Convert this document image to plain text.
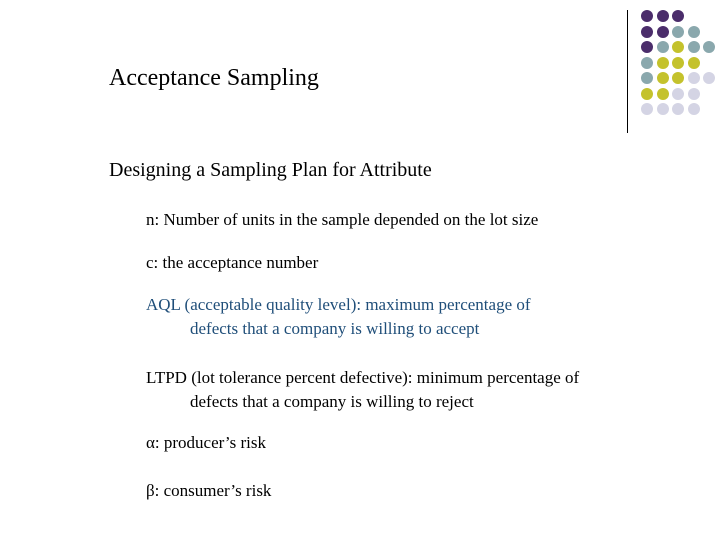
Acceptance Sampling
Designing a Sampling Plan for Attribute
n: Number of units in the sample depended on the lot size
c: the acceptance number
AQL (acceptable quality level): maximum percentage of
defects that a company is willing to accept
LTPD (lot tolerance percent defective): minimum percentage of
defects that a company is willing to reject
α: producer’s risk
β: consumer’s risk
